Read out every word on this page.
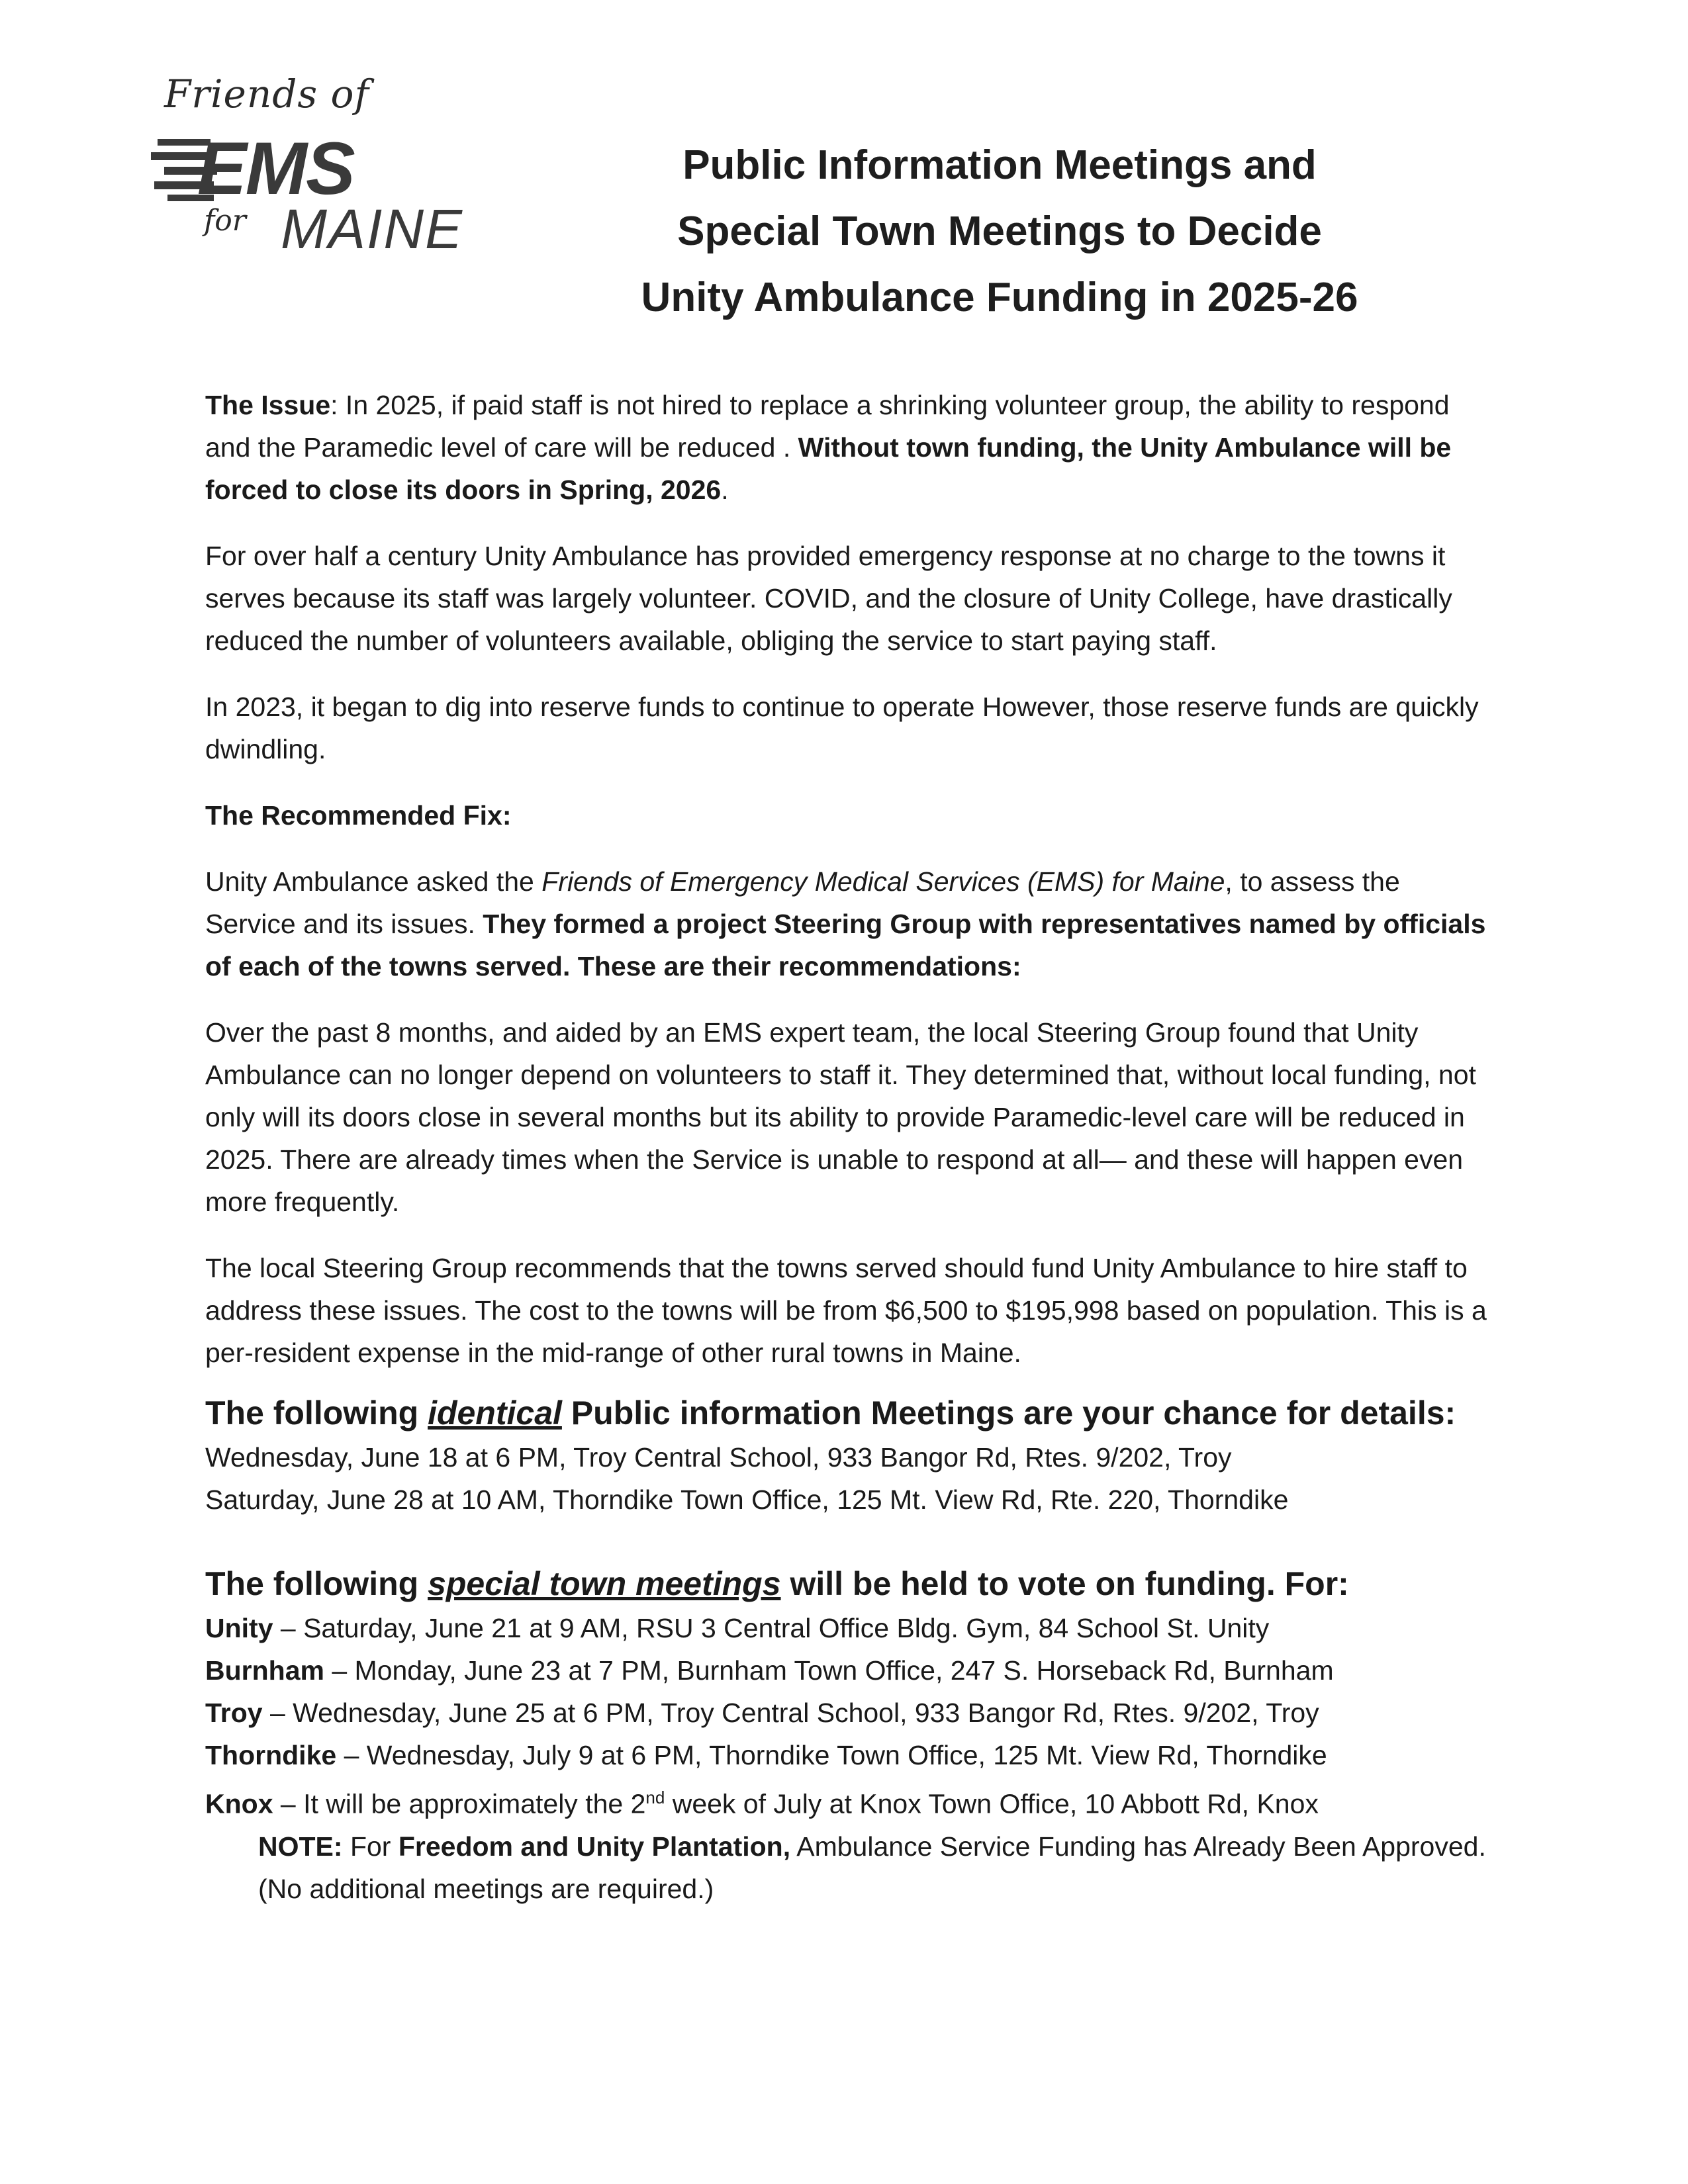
Friends of
EMS
for MAINE
Public Information Meetings and
Special Town Meetings to Decide
Unity Ambulance Funding in 2025-26

The Issue: In 2025, if paid staff is not hired to replace a shrinking volunteer group, the ability to respond and the Paramedic level of care will be reduced . Without town funding, the Unity Ambulance will be forced to close its doors in Spring, 2026.

For over half a century Unity Ambulance has provided emergency response at no charge to the towns it serves because its staff was largely volunteer. COVID, and the closure of Unity College, have drastically reduced the number of volunteers available, obliging the service to start paying staff.

In 2023, it began to dig into reserve funds to continue to operate However, those reserve funds are quickly dwindling.

The Recommended Fix:

Unity Ambulance asked the Friends of Emergency Medical Services (EMS) for Maine, to assess the Service and its issues. They formed a project Steering Group with representatives named by officials of each of the towns served. These are their recommendations:

Over the past 8 months, and aided by an EMS expert team, the local Steering Group found that Unity Ambulance can no longer depend on volunteers to staff it. They determined that, without local funding, not only will its doors close in several months but its ability to provide Paramedic-level care will be reduced in 2025. There are already times when the Service is unable to respond at all— and these will happen even more frequently.

The local Steering Group recommends that the towns served should fund Unity Ambulance to hire staff to address these issues. The cost to the towns will be from $6,500 to $195,998 based on population. This is a per-resident expense in the mid-range of other rural towns in Maine.

The following identical Public information Meetings are your chance for details:

Wednesday, June 18 at 6 PM, Troy Central School, 933 Bangor Rd, Rtes. 9/202, Troy

Saturday, June 28 at 10 AM, Thorndike Town Office, 125 Mt. View Rd, Rte. 220, Thorndike

The following special town meetings will be held to vote on funding. For:

Unity – Saturday, June 21 at 9 AM, RSU 3 Central Office Bldg. Gym, 84 School St. Unity

Burnham – Monday, June 23 at 7 PM, Burnham Town Office, 247 S. Horseback Rd, Burnham

Troy – Wednesday, June 25 at 6 PM, Troy Central School, 933 Bangor Rd, Rtes. 9/202, Troy

Thorndike – Wednesday, July 9 at 6 PM, Thorndike Town Office, 125 Mt. View Rd, Thorndike

Knox – It will be approximately the 2nd week of July at Knox Town Office, 10 Abbott Rd, Knox

NOTE: For Freedom and Unity Plantation, Ambulance Service Funding has Already Been Approved. (No additional meetings are required.)
